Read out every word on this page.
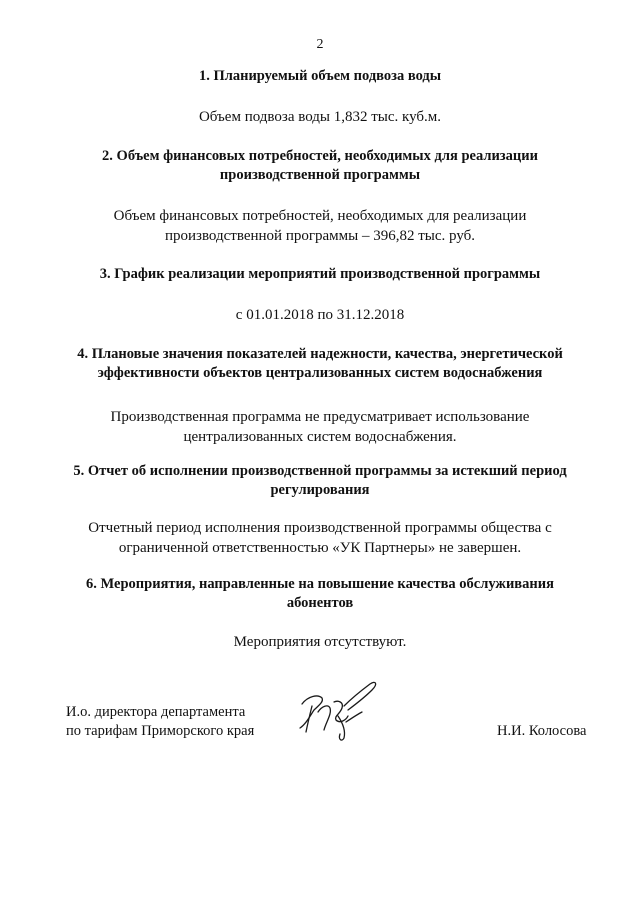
2
1. Планируемый объем подвоза воды
Объем подвоза воды 1,832 тыс. куб.м.
2. Объем финансовых потребностей, необходимых для реализации
производственной программы
Объем финансовых потребностей, необходимых для реализации
производственной программы – 396,82 тыс. руб.
3. График реализации мероприятий производственной программы
с 01.01.2018 по 31.12.2018
4. Плановые значения показателей надежности, качества, энергетической
эффективности объектов централизованных систем водоснабжения
Производственная программа не предусматривает использование
централизованных систем водоснабжения.
5. Отчет об исполнении производственной программы за истекший период
регулирования
Отчетный период исполнения производственной программы общества с
ограниченной ответственностью «УК Партнеры» не завершен.
6. Мероприятия, направленные на повышение качества обслуживания
абонентов
Мероприятия отсутствуют.
И.о. директора департамента
по тарифам Приморского края	Н.И. Колосова
